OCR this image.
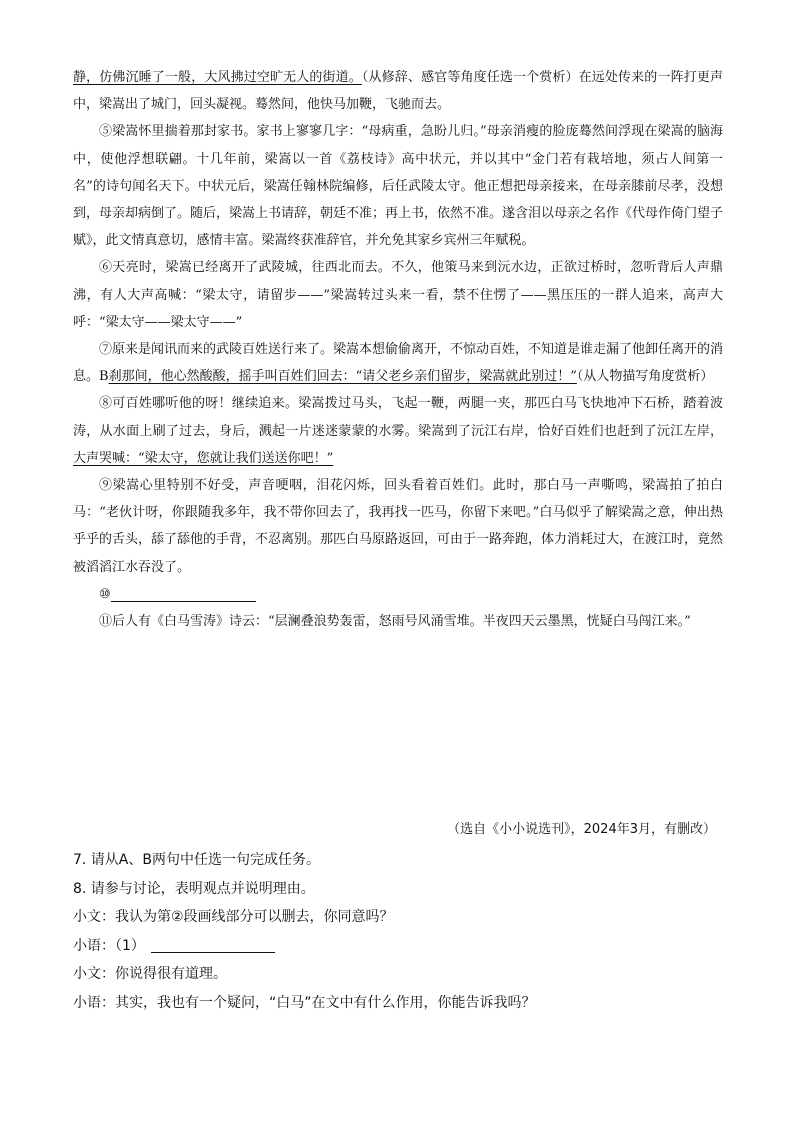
静，仿佛沉睡了一般，大风拂过空旷无人的街道。（从修辞、感官等角度任选一个赏析）在远处传来的一阵打更声中，梁嵩出了城门，回头凝视。蓦然间，他快马加鞭，飞驰而去。

⑤梁嵩怀里揣着那封家书。家书上寥寥几字：“母病重，急盼儿归。”母亲消瘦的脸庞蓦然间浮现在梁嵩的脑海中，使他浮想联翩。十几年前，梁嵩以一首《荔枝诗》高中状元，并以其中“金门若有栽培地，须占人间第一名”的诗句闻名天下。中状元后，梁嵩任翰林院编修，后任武陵太守。他正想把母亲接来，在母亲膝前尽孝，没想到，母亲却病倒了。随后，梁嵩上书请辞，朝廷不准；再上书，依然不准。遂含泪以母亲之名作《代母作倚门望子赋》，此文情真意切，感情丰富。梁嵩终获准辞官，并允免其家乡宾州三年赋税。

⑥天亮时，梁嵩已经离开了武陵城，往西北而去。不久，他策马来到沅水边，正欲过桥时，忽听背后人声鼎沸，有人大声高喊：“梁太守，请留步——”梁嵩转过头来一看，禁不住愣了——黑压压的一群人追来，高声大呼：“梁太守——梁太守——”

⑦原来是闻讯而来的武陵百姓送行来了。梁嵩本想偷偷离开，不惊动百姓，不知道是谁走漏了他卸任离开的消息。B刹那间，他心然酸酸，摇手叫百姓们回去：“请父老乡亲们留步，梁嵩就此别过！”（从人物描写角度赏析）

⑧可百姓哪听他的呀！继续追来。梁嵩拨过马头，飞起一鞭，两腿一夹，那匹白马飞快地冲下石桥，踏着波涛，从水面上刷了过去，身后，溅起一片迷迷蒙蒙的水雾。梁嵩到了沅江右岸，恰好百姓们也赶到了沅江左岸，大声哭喊：“梁太守，您就让我们送送你吧！”

⑨梁嵩心里特别不好受，声音哽咽，泪花闪烁，回头看着百姓们。此时，那白马一声嘶鸣，梁嵩拍了拍白马：“老伙计呀，你跟随我多年，我不带你回去了，我再找一匹马，你留下来吧。”白马似乎了解梁嵩之意，伸出热乎乎的舌头，舔了舔他的手背，不忍离别。那匹白马原路返回，可由于一路奔跑，体力消耗过大，在渡江时，竟然被滔滔江水吞没了。

⑩

⑪后人有《白马雪涛》诗云：“层澜叠浪势轰雷，怒雨号风涌雪堆。半夜四天云墨黑，恍疑白马闯江来。”

（选自《小小说选刊》，2024年3月，有删改）

7. 请从A、B两句中任选一句完成任务。

8. 请参与讨论，表明观点并说明理由。

小文：我认为第②段画线部分可以删去，你同意吗？

小语：（1）

小文：你说得很有道理。

小语：其实，我也有一个疑问，“白马”在文中有什么作用，你能告诉我吗？
